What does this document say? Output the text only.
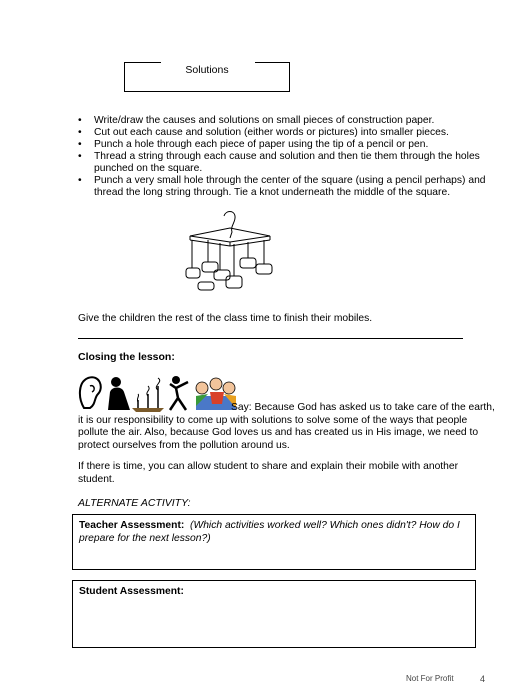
Solutions
• Write/draw the causes and solutions on small pieces of construction paper.
• Cut out each cause and solution (either words or pictures) into smaller pieces.
• Punch a hole through each piece of paper using the tip of a pencil or pen.
• Thread a string through each cause and solution and then tie them through the holes punched on the square.
• Punch a very small hole through the center of the square (using a pencil perhaps) and thread the long string through. Tie a knot underneath the middle of the square.
Give the children the rest of the class time to finish their mobiles.
Closing the lesson:
Say: Because God has asked us to take care of the earth, it is our responsibility to come up with solutions to solve some of the ways that people pollute the air. Also, because God loves us and has created us in His image, we need to protect ourselves from the pollution around us.
If there is time, you can allow student to share and explain their mobile with another student.
ALTERNATE ACTIVITY:
Teacher Assessment: (Which activities worked well? Which ones didn't? How do I prepare for the next lesson?)
Student Assessment:
Not For Profit	4
